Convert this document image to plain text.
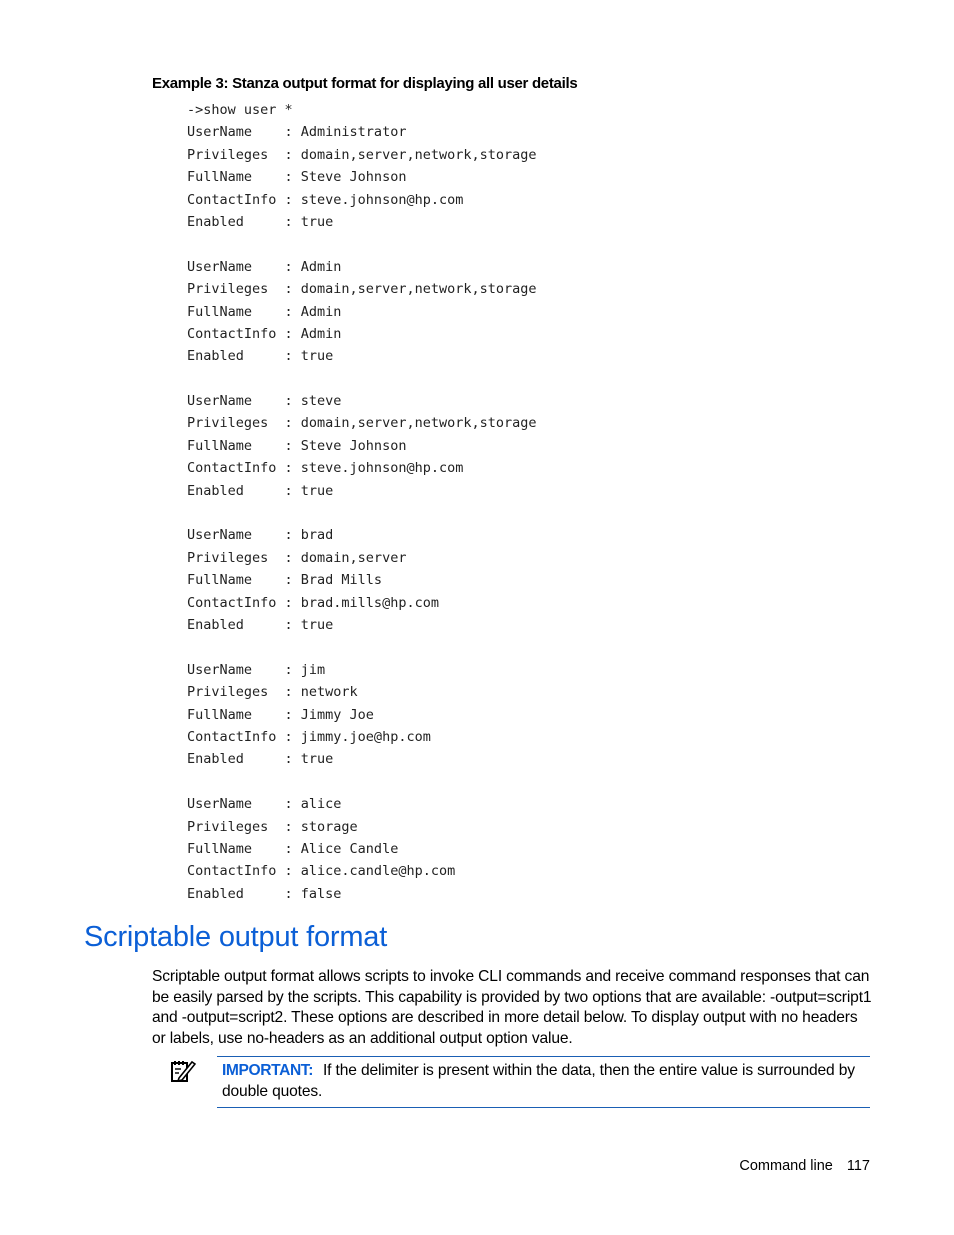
Example 3: Stanza output format for displaying all user details
->show user *
UserName    : Administrator
Privileges  : domain,server,network,storage
FullName    : Steve Johnson
ContactInfo : steve.johnson@hp.com
Enabled     : true
UserName    : Admin
Privileges  : domain,server,network,storage
FullName    : Admin
ContactInfo : Admin
Enabled     : true
UserName    : steve
Privileges  : domain,server,network,storage
FullName    : Steve Johnson
ContactInfo : steve.johnson@hp.com
Enabled     : true
UserName    : brad
Privileges  : domain,server
FullName    : Brad Mills
ContactInfo : brad.mills@hp.com
Enabled     : true
UserName    : jim
Privileges  : network
FullName    : Jimmy Joe
ContactInfo : jimmy.joe@hp.com
Enabled     : true
UserName    : alice
Privileges  : storage
FullName    : Alice Candle
ContactInfo : alice.candle@hp.com
Enabled     : false
Scriptable output format

Scriptable output format allows scripts to invoke CLI commands and receive command responses that can be easily parsed by the scripts. This capability is provided by two options that are available: -output=script1 and -output=script2. These options are described in more detail below. To display output with no headers or labels, use no-headers as an additional output option value.

IMPORTANT: If the delimiter is present within the data, then the entire value is surrounded by double quotes.

Command line 117
